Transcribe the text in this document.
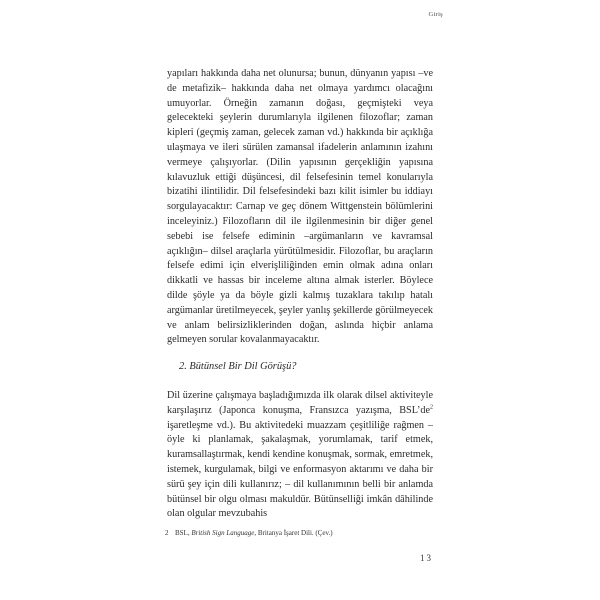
Giriş

yapıları hakkında daha net olunursa; bunun, dünyanın yapısı –ve de metafizik– hakkında daha net olmaya yardımcı olacağını umuyorlar. Örneğin zamanın doğası, geçmişteki veya gelecekteki şeylerin durumlarıyla ilgilenen filozoflar; zaman kipleri (geçmiş zaman, gelecek zaman vd.) hakkında bir açıklığa ulaşmaya ve ileri sürülen zamansal ifadelerin anlamının izahını vermeye çalışıyorlar. (Dilin yapısının gerçekliğin yapısına kılavuzluk ettiği düşüncesi, dil felsefesinin temel konularıyla bizatihi ilintilidir. Dil felsefesindeki bazı kilit isimler bu iddiayı sorgulayacaktır: Carnap ve geç dönem Wittgenstein bölümlerini inceleyiniz.) Filozofların dil ile ilgilenmesinin bir diğer genel sebebi ise felsefe ediminin –argümanların ve kavramsal açıklığın– dilsel araçlarla yürütülmesidir. Filozoflar, bu araçların felsefe edimi için elverişliliğinden emin olmak adına onları dikkatli ve hassas bir inceleme altına almak isterler. Böylece dilde şöyle ya da böyle gizli kalmış tuzaklara takılıp hatalı argümanlar üretilmeyecek, şeyler yanlış şekillerde görülmeyecek ve anlam belirsizliklerinden doğan, aslında hiçbir anlama gelmeyen sorular kovalanmayacaktır.

2. Bütünsel Bir Dil Görüşü?

Dil üzerine çalışmaya başladığımızda ilk olarak dilsel aktiviteyle karşılaşırız (Japonca konuşma, Fransızca yazışma, $BSL’de^2$ işaretleşme vd.). Bu aktivitedeki muazzam çeşitliliğe rağmen –öyle ki planlamak, şakalaşmak, yorumlamak, tarif etmek, kuramsallaştırmak, kendi kendine konuşmak, sormak, emretmek, istemek, kurgulamak, bilgi ve enformasyon aktarımı ve daha bir sürü şey için dili kullanırız; – dil kullanımının belli bir anlamda bütünsel bir olgu olması makuldür. Bütünselliği imkân dâhilinde olan olgular mevzubahis

2 BSL, British Sign Language, Britanya İşaret Dili. (Çev.)
13
